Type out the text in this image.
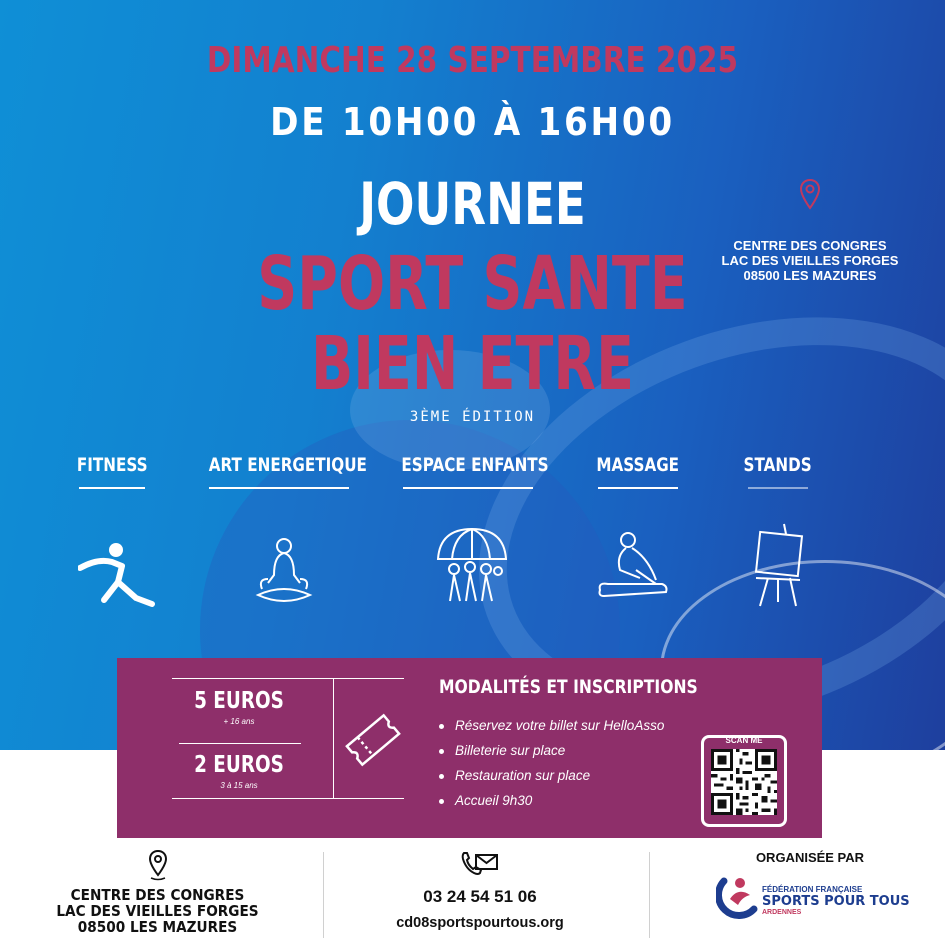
DIMANCHE 28 SEPTEMBRE 2025
DE 10H00 À 16H00
JOURNEE
SPORT SANTE
BIEN ETRE
3ÈME ÉDITION
CENTRE DES CONGRES
LAC DES VIEILLES FORGES
08500 LES MAZURES
FITNESS	ART ENERGETIQUE	ESPACE ENFANTS	MASSAGE	STANDS
5 EUROS
+ 16 ans
2 EUROS
3 à 15 ans
MODALITÉS ET INSCRIPTIONS
Réservez votre billet sur HelloAsso
Billeterie sur place
Restauration sur place
Accueil 9h30
SCAN ME
CENTRE DES CONGRES
LAC DES VIEILLES FORGES
08500 LES MAZURES
03 24 54 51 06
cd08sportspourtous.org
ORGANISÉE PAR
FÉDÉRATION FRANÇAISE
SPORTS POUR TOUS
ARDENNES
